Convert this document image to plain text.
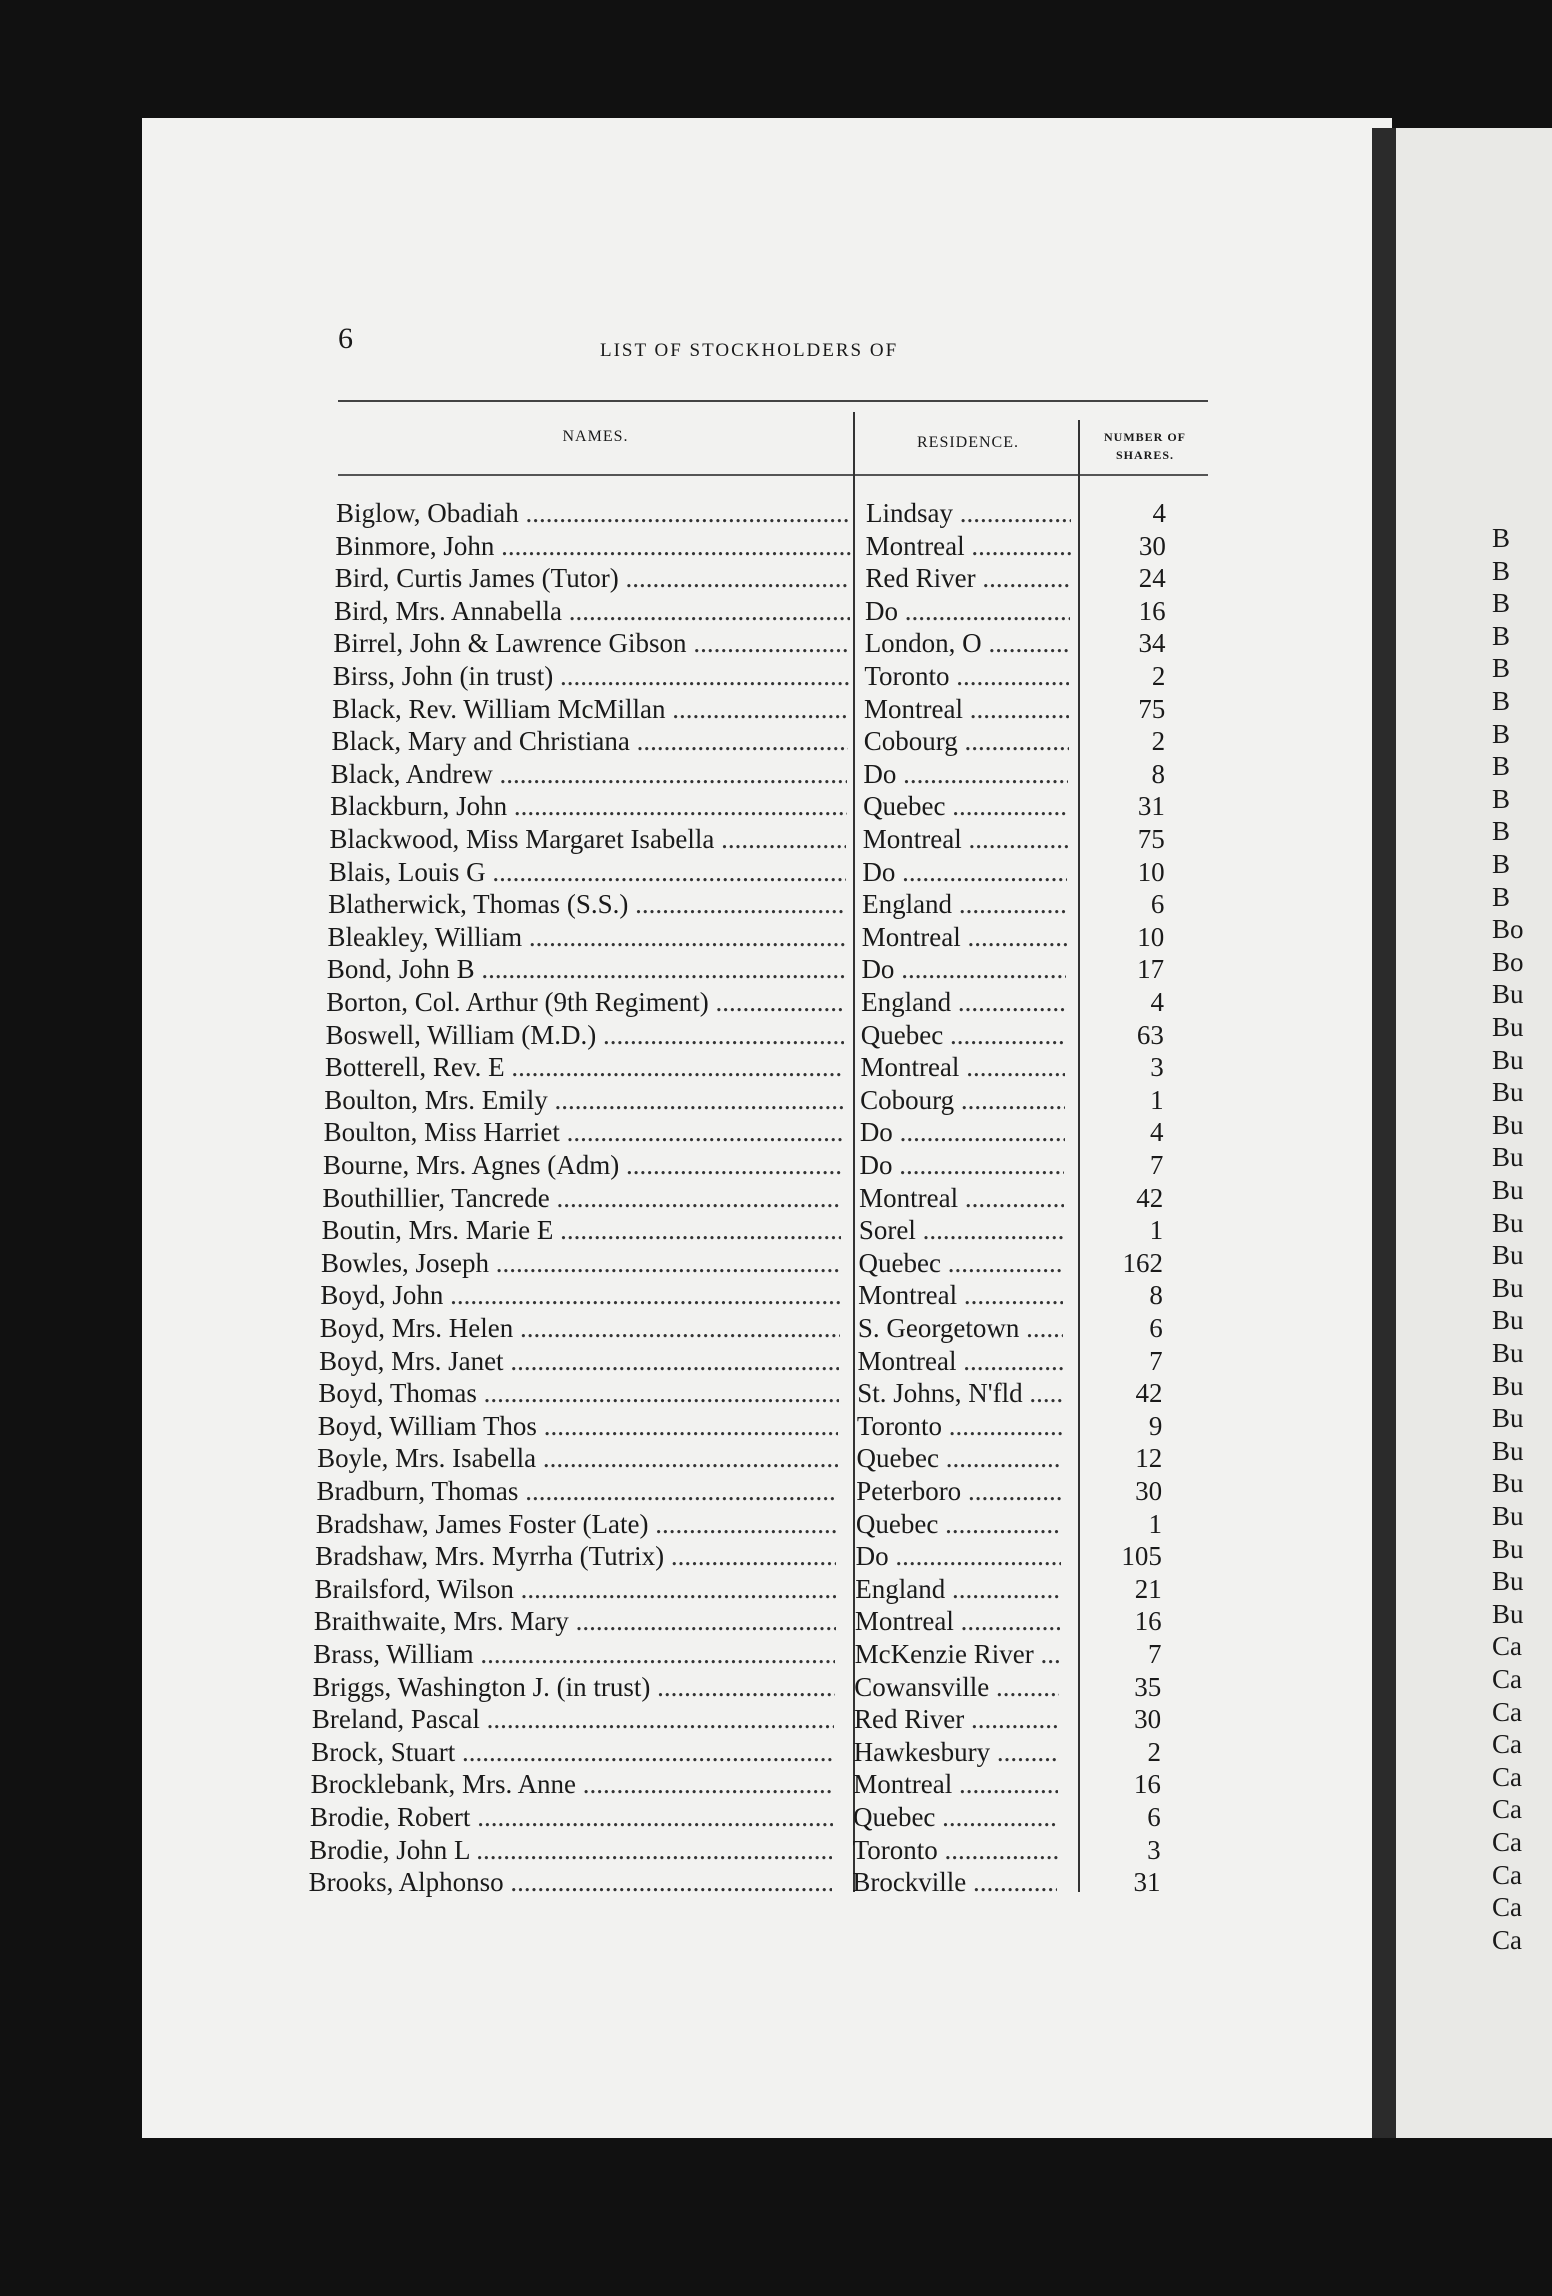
6	LIST OF STOCKHOLDERS OF

NAMES.	RESIDENCE.	NUMBER OF
SHARES.
Biglow, Obadiah .....	Lindsay .....	4
Binmore, John .....	Montreal .....	30
Bird, Curtis James (Tutor) .....	Red River .....	24
Bird, Mrs. Annabella .....	Do .....	16
Birrel, John & Lawrence Gibson .....	London, O .....	34
Birss, John (in trust) .....	Toronto .....	2
Black, Rev. William McMillan .....	Montreal .....	75
Black, Mary and Christiana .....	Cobourg .....	2
Black, Andrew .....	Do .....	8
Blackburn, John .....	Quebec .....	31
Blackwood, Miss Margaret Isabella .....	Montreal .....	75
Blais, Louis G .....	Do .....	10
Blatherwick, Thomas (S.S.) .....	England .....	6
Bleakley, William .....	Montreal .....	10
Bond, John B .....	Do .....	17
Borton, Col. Arthur (9th Regiment) .....	England .....	4
Boswell, William (M.D.) .....	Quebec .....	63
Botterell, Rev. E .....	Montreal .....	3
Boulton, Mrs. Emily .....	Cobourg .....	1
Boulton, Miss Harriet .....	Do .....	4
Bourne, Mrs. Agnes (Adm) .....	Do .....	7
Bouthillier, Tancrede .....	Montreal .....	42
Boutin, Mrs. Marie E .....	Sorel .....	1
Bowles, Joseph .....	Quebec .....	162
Boyd, John .....	Montreal .....	8
Boyd, Mrs. Helen .....	S. Georgetown .....	6
Boyd, Mrs. Janet .....	Montreal .....	7
Boyd, Thomas .....	St. Johns, N'fld .....	42
Boyd, William Thos .....	Toronto .....	9
Boyle, Mrs. Isabella .....	Quebec .....	12
Bradburn, Thomas .....	Peterboro .....	30
Bradshaw, James Foster (Late) .....	Quebec .....	1
Bradshaw, Mrs. Myrrha (Tutrix) .....	Do .....	105
Brailsford, Wilson .....	England .....	21
Braithwaite, Mrs. Mary .....	Montreal .....	16
Brass, William .....	McKenzie River .....	7
Briggs, Washington J. (in trust) .....	Cowansville .....	35
Breland, Pascal .....	Red River .....	30
Brock, Stuart .....	Hawkesbury .....	2
Brocklebank, Mrs. Anne .....	Montreal .....	16
Brodie, Robert .....	Quebec .....	6
Brodie, John L .....	Toronto .....	3
Brooks, Alphonso .....	Brockville .....	31
B
B
B
B
B
B
B
B
B
B
B
B
Bo
Bo
Bu
Bu
Bu
Bu
Bu
Bu
Bu
Bu
Bu
Bu
Bu
Bu
Bu
Bu
Bu
Bu
Bu
Bu
Bu
Bu
Ca
Ca
Ca
Ca
Ca
Ca
Ca
Ca
Ca
Ca
